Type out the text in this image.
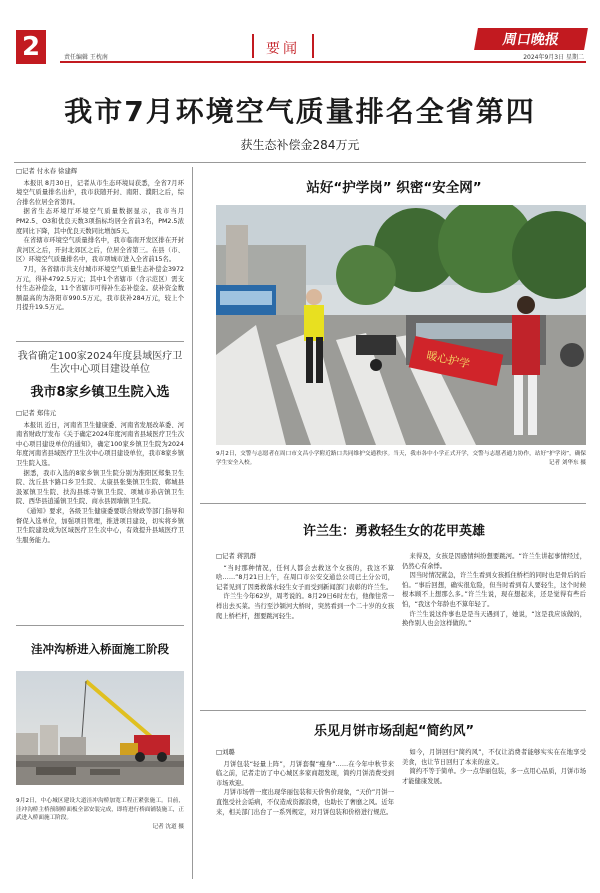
2	责任编辑 王枕南
要闻
周口晚报
2024年9月3日 星期二
我市7月环境空气质量排名全省第四
获生态补偿金284万元
□记者 付永春 徐建辉

本报讯 8月30日，记者从市生态环境局获悉，全省7月环境空气质量排名出炉，我市获随开封、南阳、濮阳之后，综合排名位居全省第四。

据省生态环境厅环境空气质量数据显示，我市当月PM2.5、O3和优良天数3项指标均居全省前3名，PM2.5浓度同比下降，其中优良天数同比增加5天。

在省辖市环境空气质量排名中，我市临南开发区排在开封黄河区之后，开封北郊区之后，位居全省第三。在县（市、区）环境空气质量排名中，我市项城市进入全省前15名。

7月，各省辖市共支付城市环境空气质量生态补偿金3972万元，得补4792.5万元；其中1个省辖市（含示范区）需支付生态补偿金，11个省辖市可得补生态补偿金。获补资金数额最高的为洛阳市990.5万元，我市获补284万元，较上个月提升19.5万元。

我省确定100家2024年度县域医疗卫生次中心项目建设单位
我市8家乡镇卫生院入选
□记者 郑伟元

本报讯 近日，河南省卫生健康委、河南省发展改革委、河南省财政厅发布《关于确定2024年度河南省县域医疗卫生次中心项目建设单位的通知》，确定100家乡镇卫生院为2024年度河南省县域医疗卫生次中心项目建设单位，我市8家乡镇卫生院入选。

据悉，我市入选的8家乡镇卫生院分别为淮阳区郑集卫生院、沈丘县卞路口乡卫生院、太康县张集镇卫生院、郸城县汲冢镇卫生院、扶沟县练寺镇卫生院、项城市孙店镇卫生院、西华县逍遥镇卫生院、商水县固墙镇卫生院。

《通知》要求，各级卫生健康委要联合财政等部门指导和督促入选单位，加强项目管理，推进项目建设，切实将乡镇卫生院建设成为区域医疗卫生次中心，有效提升县域医疗卫生服务能力。

洼冲沟桥进入桥面施工阶段
9月2日，中心城区建设大道洼冲沟桥加宽工程正紧张施工。目前，洼冲沟桥主桥预制桥面板全部安装完成，即将进行桥面铺装施工，正武进入桥面施工阶段。
记者 沈道 摄
站好“护学岗” 织密“安全网”
暖心护学
9月2日，交警与志愿者在周口市文昌小学附近路口共同维护交通秩序。当天，我市各中小学正式开学，交警与志愿者通力协作，站好“护学岗”，确保学生安全入校。	记者 刘华东 摄
许兰生：勇救轻生女的花甲英雄
□记者 蒋凯群

“当时那种情况，任何人都会去救这个女孩的，我这不算啥……”8月21日上午，在周口市公安交通总公司已土分公司，记者见到了因勇救落水轻生女子而受到新闻部门表彰的许兰生。

许兰生今年62岁，周考说的。8月29日6时左右，他像往常一样出去买菜。当行至沙颍河大桥时，突然看到一个二十岁的女孩爬上桥栏杆，想要跳河轻生。

来得及，女孩是因感情纠纷想要跳河。“许兰生讲起事情经过，仍然心有余悸。

因当时情况紧急，许兰生看到女孩抓住桥栏的同时也是骨后的后怕。“事后回想，确实很危险，但当时看到有人要轻生，这个时候根本顾不上想那么多。”许兰生说，现在想起来，还是觉得有些后怕，“我这个年龄也不算年轻了。

许兰生说这件事也是是当天遇到了，她说，“这是我应该做的，换作别人也会这样做的。”

乐见月饼市场刮起“简约风”
□刘璐

月饼包装“轻量上阵”，月饼套餐“瘦身”……在今年中秋节来临之前，记者走访了中心城区多家商超发现，简约月饼消费受到市场欢迎。

月饼市场曾一度出现华丽包装和天价售价现象，“天价”月饼一直饱受社会诟病，不仅造成资源浪费，也助长了奢靡之风。近年来，相关部门出台了一系列规定，对月饼包装和价格进行规范。

如今，月饼回归“简约风”，不仅让消费者能够实实在在地享受美食，也让节日回归了本来的意义。

简约不等于简单。少一点华丽包装，多一点用心品质，月饼市场才能健康发展。
